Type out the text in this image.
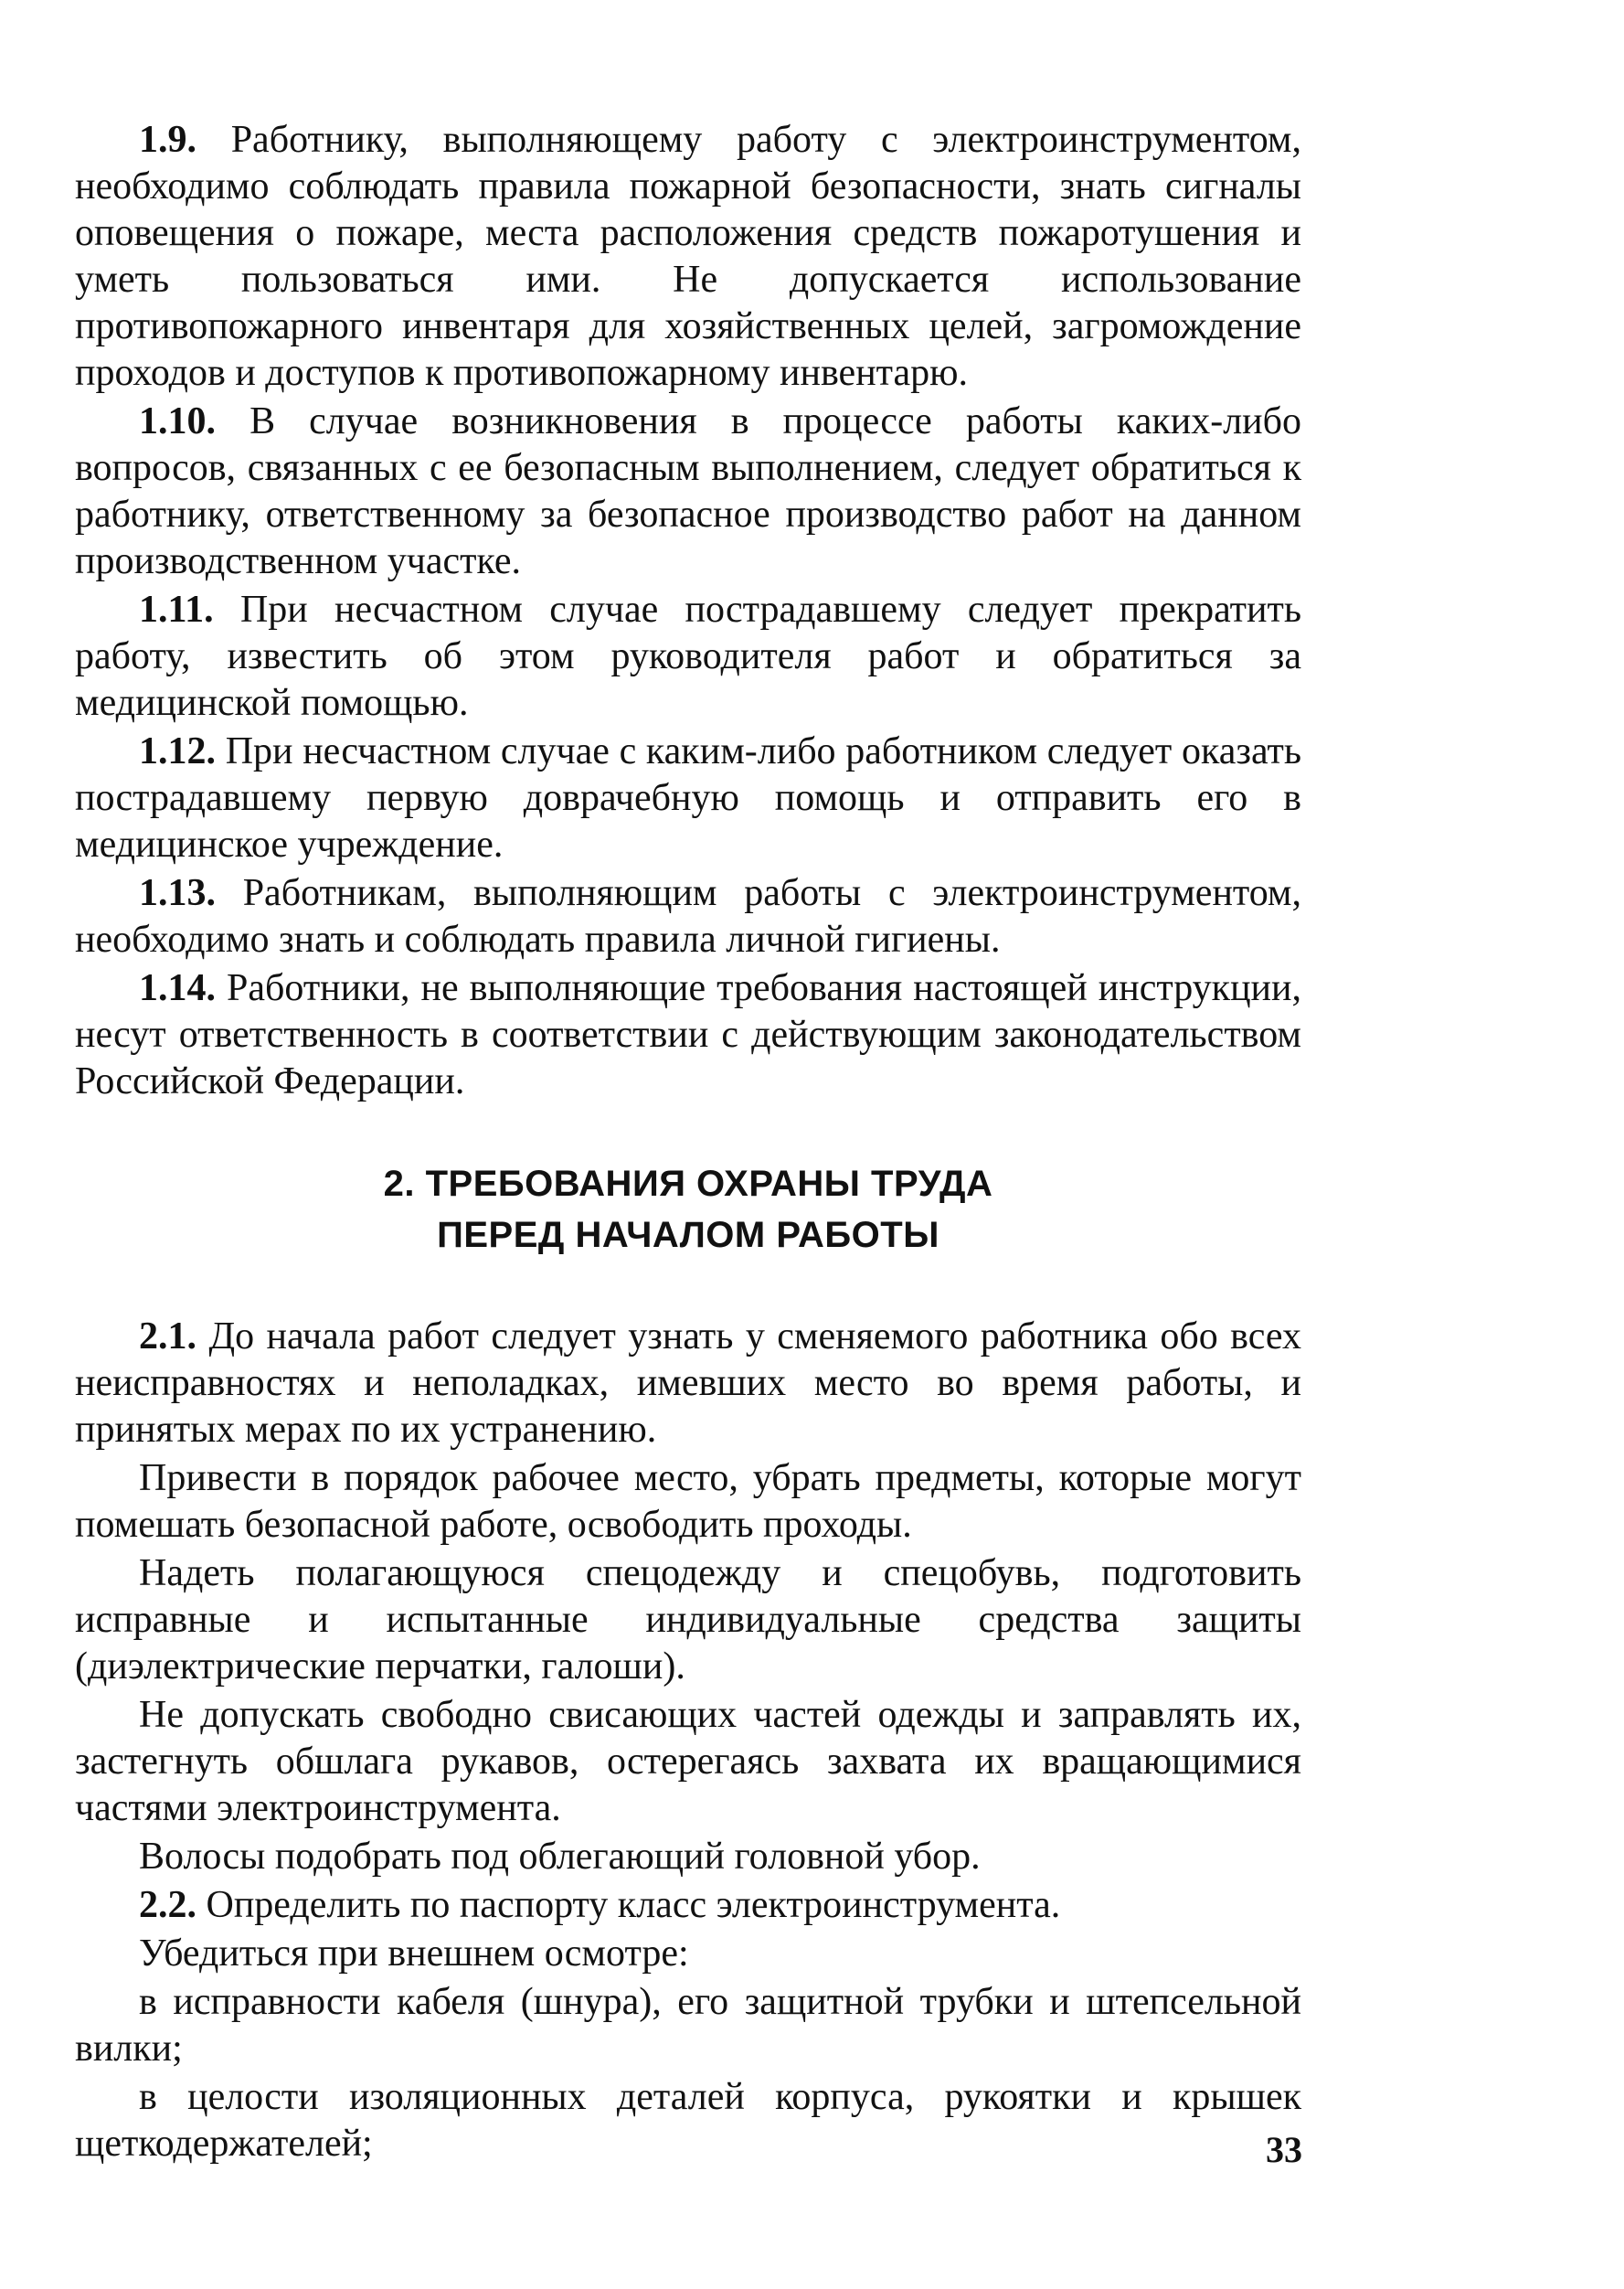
1.9. Работнику, выполняющему работу с электроинструментом, необходимо соблюдать правила пожарной безопасности, знать сигналы оповещения о пожаре, места расположения средств пожаротушения и уметь пользоваться ими. Не допускается использование противопожарного инвентаря для хозяйственных целей, загромождение проходов и доступов к противопожарному инвентарю.

1.10. В случае возникновения в процессе работы каких-либо вопросов, связанных с ее безопасным выполнением, следует обратиться к работнику, ответственному за безопасное производство работ на данном производственном участке.

1.11. При несчастном случае пострадавшему следует прекратить работу, известить об этом руководителя работ и обратиться за медицинской помощью.

1.12. При несчастном случае с каким-либо работником следует оказать пострадавшему первую доврачебную помощь и отправить его в медицинское учреждение.

1.13. Работникам, выполняющим работы с электроинструментом, необходимо знать и соблюдать правила личной гигиены.

1.14. Работники, не выполняющие требования настоящей инструкции, несут ответственность в соответствии с действующим законодательством Российской Федерации.

2. ТРЕБОВАНИЯ ОХРАНЫ ТРУДА
ПЕРЕД НАЧАЛОМ РАБОТЫ

2.1. До начала работ следует узнать у сменяемого работника обо всех неисправностях и неполадках, имевших место во время работы, и принятых мерах по их устранению.

Привести в порядок рабочее место, убрать предметы, которые могут помешать безопасной работе, освободить проходы.

Надеть полагающуюся спецодежду и спецобувь, подготовить исправные и испытанные индивидуальные средства защиты (диэлектрические перчатки, галоши).

Не допускать свободно свисающих частей одежды и заправлять их, застегнуть обшлага рукавов, остерегаясь захвата их вращающимися частями электроинструмента.

Волосы подобрать под облегающий головной убор.

2.2. Определить по паспорту класс электроинструмента.

Убедиться при внешнем осмотре:

в исправности кабеля (шнура), его защитной трубки и штепсельной вилки;

в целости изоляционных деталей корпуса, рукоятки и крышек щеткодержателей;	33
